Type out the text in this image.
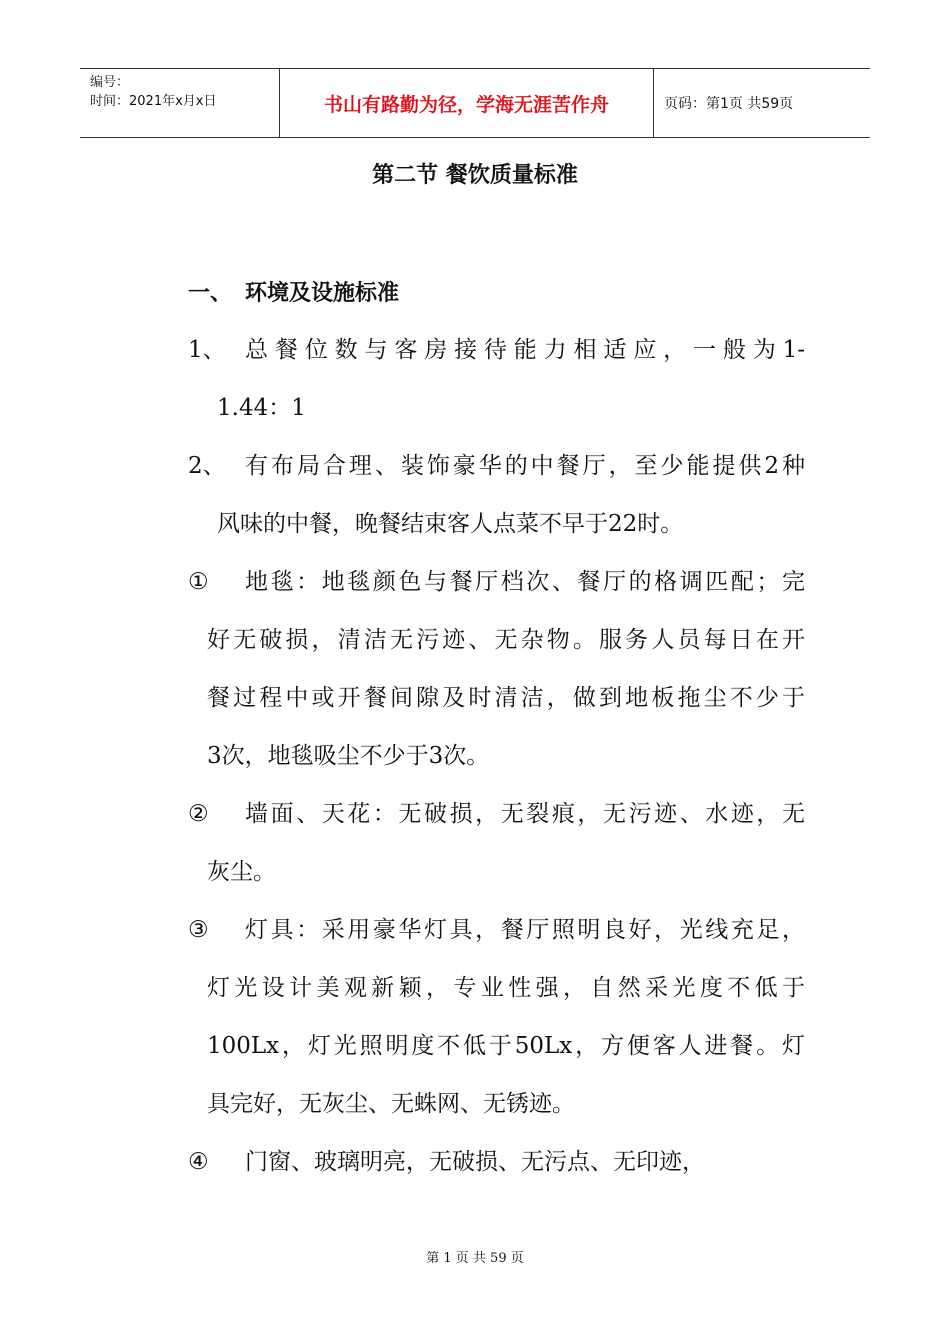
编号：
时间：2021年x月x日	书山有路勤为径，学海无涯苦作舟	页码：第1页 共59页
第二节 餐饮质量标准
一、 环境及设施标准
1、 总餐位数与客房接待能力相适应，一般为1-
1.44：1
2、 有布局合理、装饰豪华的中餐厅，至少能提供2种
风味的中餐，晚餐结束客人点菜不早于22时。
① 地毯：地毯颜色与餐厅档次、餐厅的格调匹配；完
好无破损，清洁无污迹、无杂物。服务人员每日在开
餐过程中或开餐间隙及时清洁，做到地板拖尘不少于
3次，地毯吸尘不少于3次。
② 墙面、天花：无破损，无裂痕，无污迹、水迹，无
灰尘。
③ 灯具：采用豪华灯具，餐厅照明良好，光线充足，
灯光设计美观新颖，专业性强，自然采光度不低于
100Lx，灯光照明度不低于50Lx，方便客人进餐。灯
具完好，无灰尘、无蛛网、无锈迹。
④ 门窗、玻璃明亮，无破损、无污点、无印迹，
第 1 页 共 59 页
